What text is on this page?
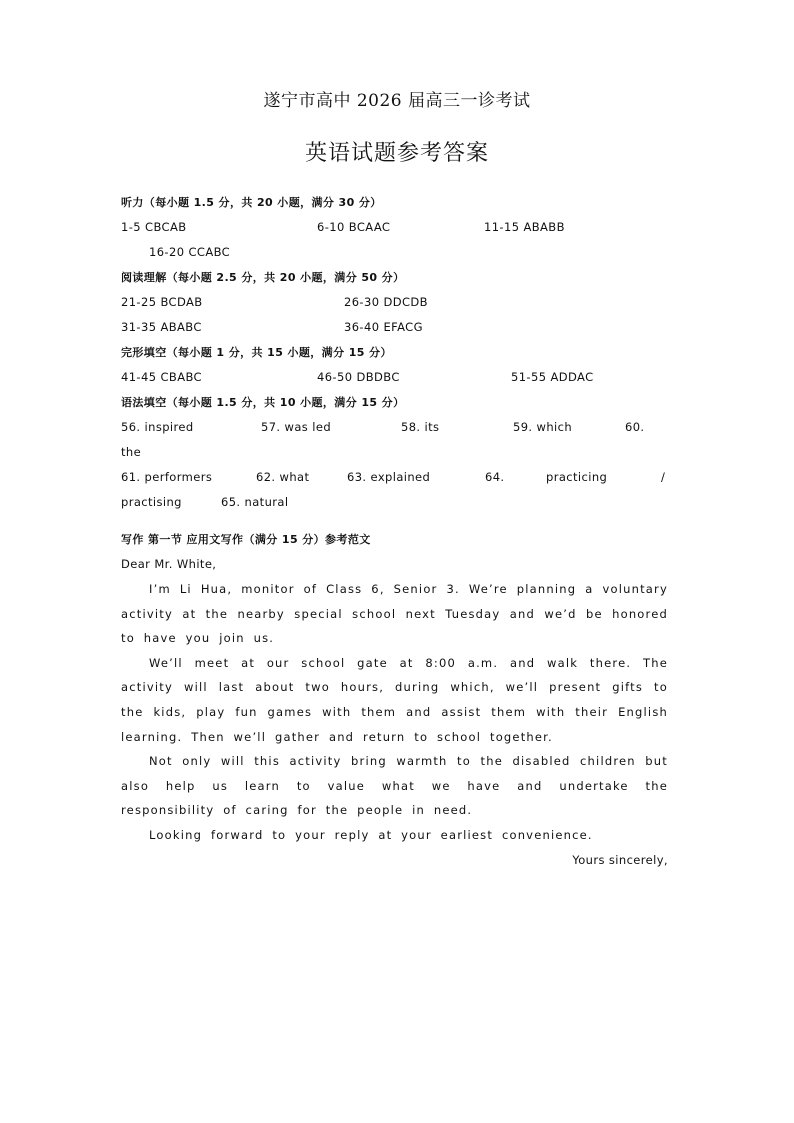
遂宁市高中 2026 届高三一诊考试
英语试题参考答案
听力（每小题 1.5 分，共 20 小题，满分 30 分）
1-5 CBCAB	6-10 BCAAC	11-15 ABABB
16-20 CCABC
阅读理解（每小题 2.5 分，共 20 小题，满分 50 分）
21-25 BCDAB	26-30 DDCDB
31-35 ABABC	36-40 EFACG
完形填空（每小题 1 分，共 15 小题，满分 15 分）
41-45 CBABC	46-50 DBDBC	51-55 ADDAC
语法填空（每小题 1.5 分，共 10 小题，满分 15 分）
56. inspired	57. was led	58. its	59. which	60.
the
61. performers	62. what	63. explained	64.	practicing	/
practising	65. natural
写作 第一节 应用文写作（满分 15 分）参考范文
Dear Mr. White,
I’m Li Hua, monitor of Class 6, Senior 3. We’re planning a voluntary activity at the nearby special school next Tuesday and we’d be honored to have you join us.
We’ll meet at our school gate at 8:00 a.m. and walk there. The activity will last about two hours, during which, we’ll present gifts to the kids, play fun games with them and assist them with their English learning. Then we’ll gather and return to school together.
Not only will this activity bring warmth to the disabled children but also help us learn to value what we have and undertake the responsibility of caring for the people in need.
Looking forward to your reply at your earliest convenience.
Yours sincerely,
